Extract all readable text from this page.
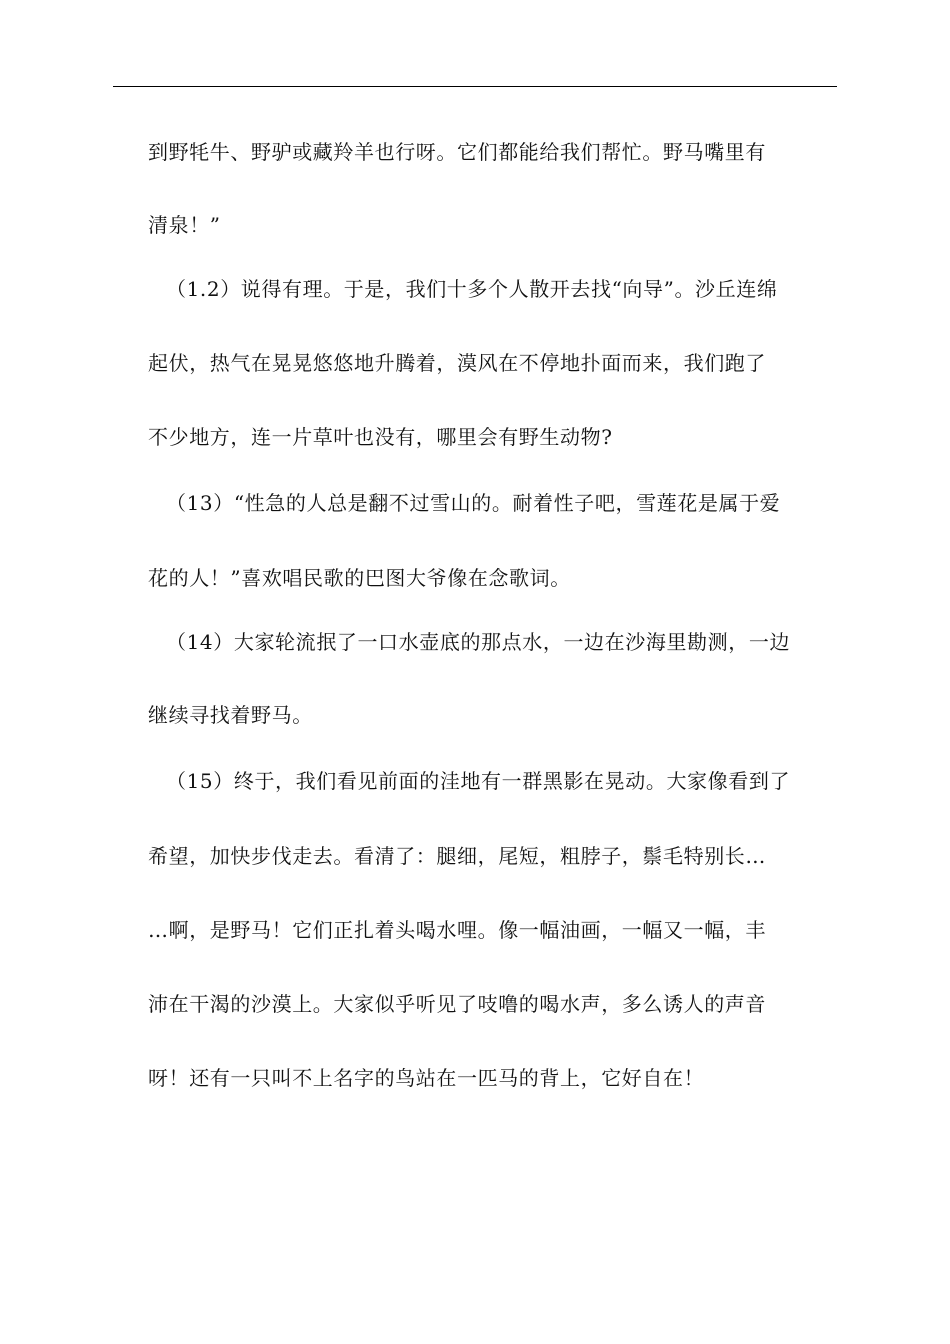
到野牦牛、野驴或藏羚羊也行呀。它们都能给我们帮忙。野马嘴里有
清泉！”
（1.2）说得有理。于是，我们十多个人散开去找“向导”。沙丘连绵
起伏，热气在晃晃悠悠地升腾着，漠风在不停地扑面而来，我们跑了
不少地方，连一片草叶也没有，哪里会有野生动物?
（13）“性急的人总是翻不过雪山的。耐着性子吧，雪莲花是属于爱
花的人！”喜欢唱民歌的巴图大爷像在念歌词。
（14）大家轮流抿了一口水壶底的那点水，一边在沙海里勘测，一边
继续寻找着野马。
（15）终于，我们看见前面的洼地有一群黑影在晃动。大家像看到了
希望，加快步伐走去。看清了：腿细，尾短，粗脖子，鬃毛特别长…
…啊，是野马！它们正扎着头喝水哩。像一幅油画，一幅又一幅，丰
沛在干渴的沙漠上。大家似乎听见了吱噜的喝水声，多么诱人的声音
呀！还有一只叫不上名字的鸟站在一匹马的背上，它好自在！
